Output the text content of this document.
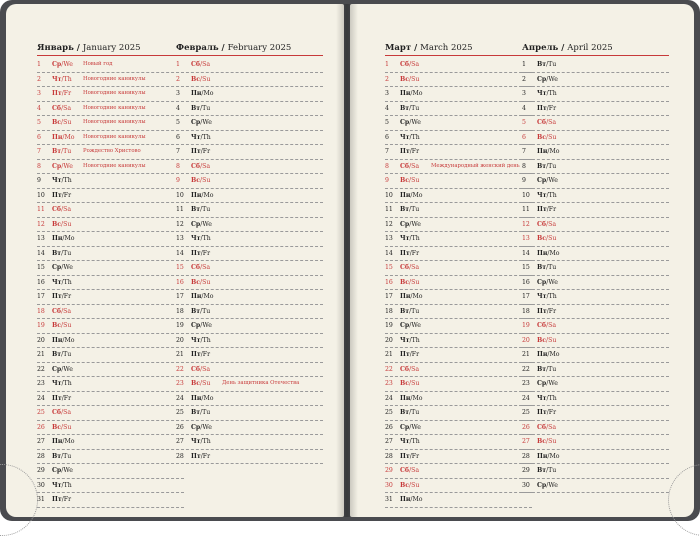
Январь / January 2025
1	Ср/We Новый год
2	Чт/Th Новогодние каникулы
3	Пт/Fr Новогодние каникулы
4	Сб/Sa Новогодние каникулы
5	Вс/Su Новогодние каникулы
6	Пн/Mo Новогодние каникулы
7	Вт/Tu Рождество Христово
8	Ср/We Новогодние каникулы
9	Чт/Th
10	Пт/Fr
11	Сб/Sa
12	Вс/Su
13	Пн/Mo
14	Вт/Tu
15	Ср/We
16	Чт/Th
17	Пт/Fr
18	Сб/Sa
19	Вс/Su
20	Пн/Mo
21	Вт/Tu
22	Ср/We
23	Чт/Th
24	Пт/Fr
25	Сб/Sa
26	Вс/Su
27	Пн/Mo
28	Вт/Tu
29	Ср/We
30	Чт/Th
31	Пт/Fr
Февраль / February 2025
1	Сб/Sa
2	Вс/Su
3	Пн/Mo
4	Вт/Tu
5	Ср/We
6	Чт/Th
7	Пт/Fr
8	Сб/Sa
9	Вс/Su
10	Пн/Mo
11	Вт/Tu
12	Ср/We
13	Чт/Th
14	Пт/Fr
15	Сб/Sa
16	Вс/Su
17	Пн/Mo
18	Вт/Tu
19	Ср/We
20	Чт/Th
21	Пт/Fr
22	Сб/Sa
23	Вс/Su День защитника Отечества
24	Пн/Mo
25	Вт/Tu
26	Ср/We
27	Чт/Th
28	Пт/Fr
Март / March 2025
1	Сб/Sa
2	Вс/Su
3	Пн/Mo
4	Вт/Tu
5	Ср/We
6	Чт/Th
7	Пт/Fr
8	Сб/Sa Международный женский день
9	Вс/Su
10	Пн/Mo
11	Вт/Tu
12	Ср/We
13	Чт/Th
14	Пт/Fr
15	Сб/Sa
16	Вс/Su
17	Пн/Mo
18	Вт/Tu
19	Ср/We
20	Чт/Th
21	Пт/Fr
22	Сб/Sa
23	Вс/Su
24	Пн/Mo
25	Вт/Tu
26	Ср/We
27	Чт/Th
28	Пт/Fr
29	Сб/Sa
30	Вс/Su
31	Пн/Mo
Апрель / April 2025
1	Вт/Tu
2	Ср/We
3	Чт/Th
4	Пт/Fr
5	Сб/Sa
6	Вс/Su
7	Пн/Mo
8	Вт/Tu
9	Ср/We
10	Чт/Th
11	Пт/Fr
12	Сб/Sa
13	Вс/Su
14	Пн/Mo
15	Вт/Tu
16	Ср/We
17	Чт/Th
18	Пт/Fr
19	Сб/Sa
20	Вс/Su
21	Пн/Mo
22	Вт/Tu
23	Ср/We
24	Чт/Th
25	Пт/Fr
26	Сб/Sa
27	Вс/Su
28	Пн/Mo
29	Вт/Tu
30	Ср/We
